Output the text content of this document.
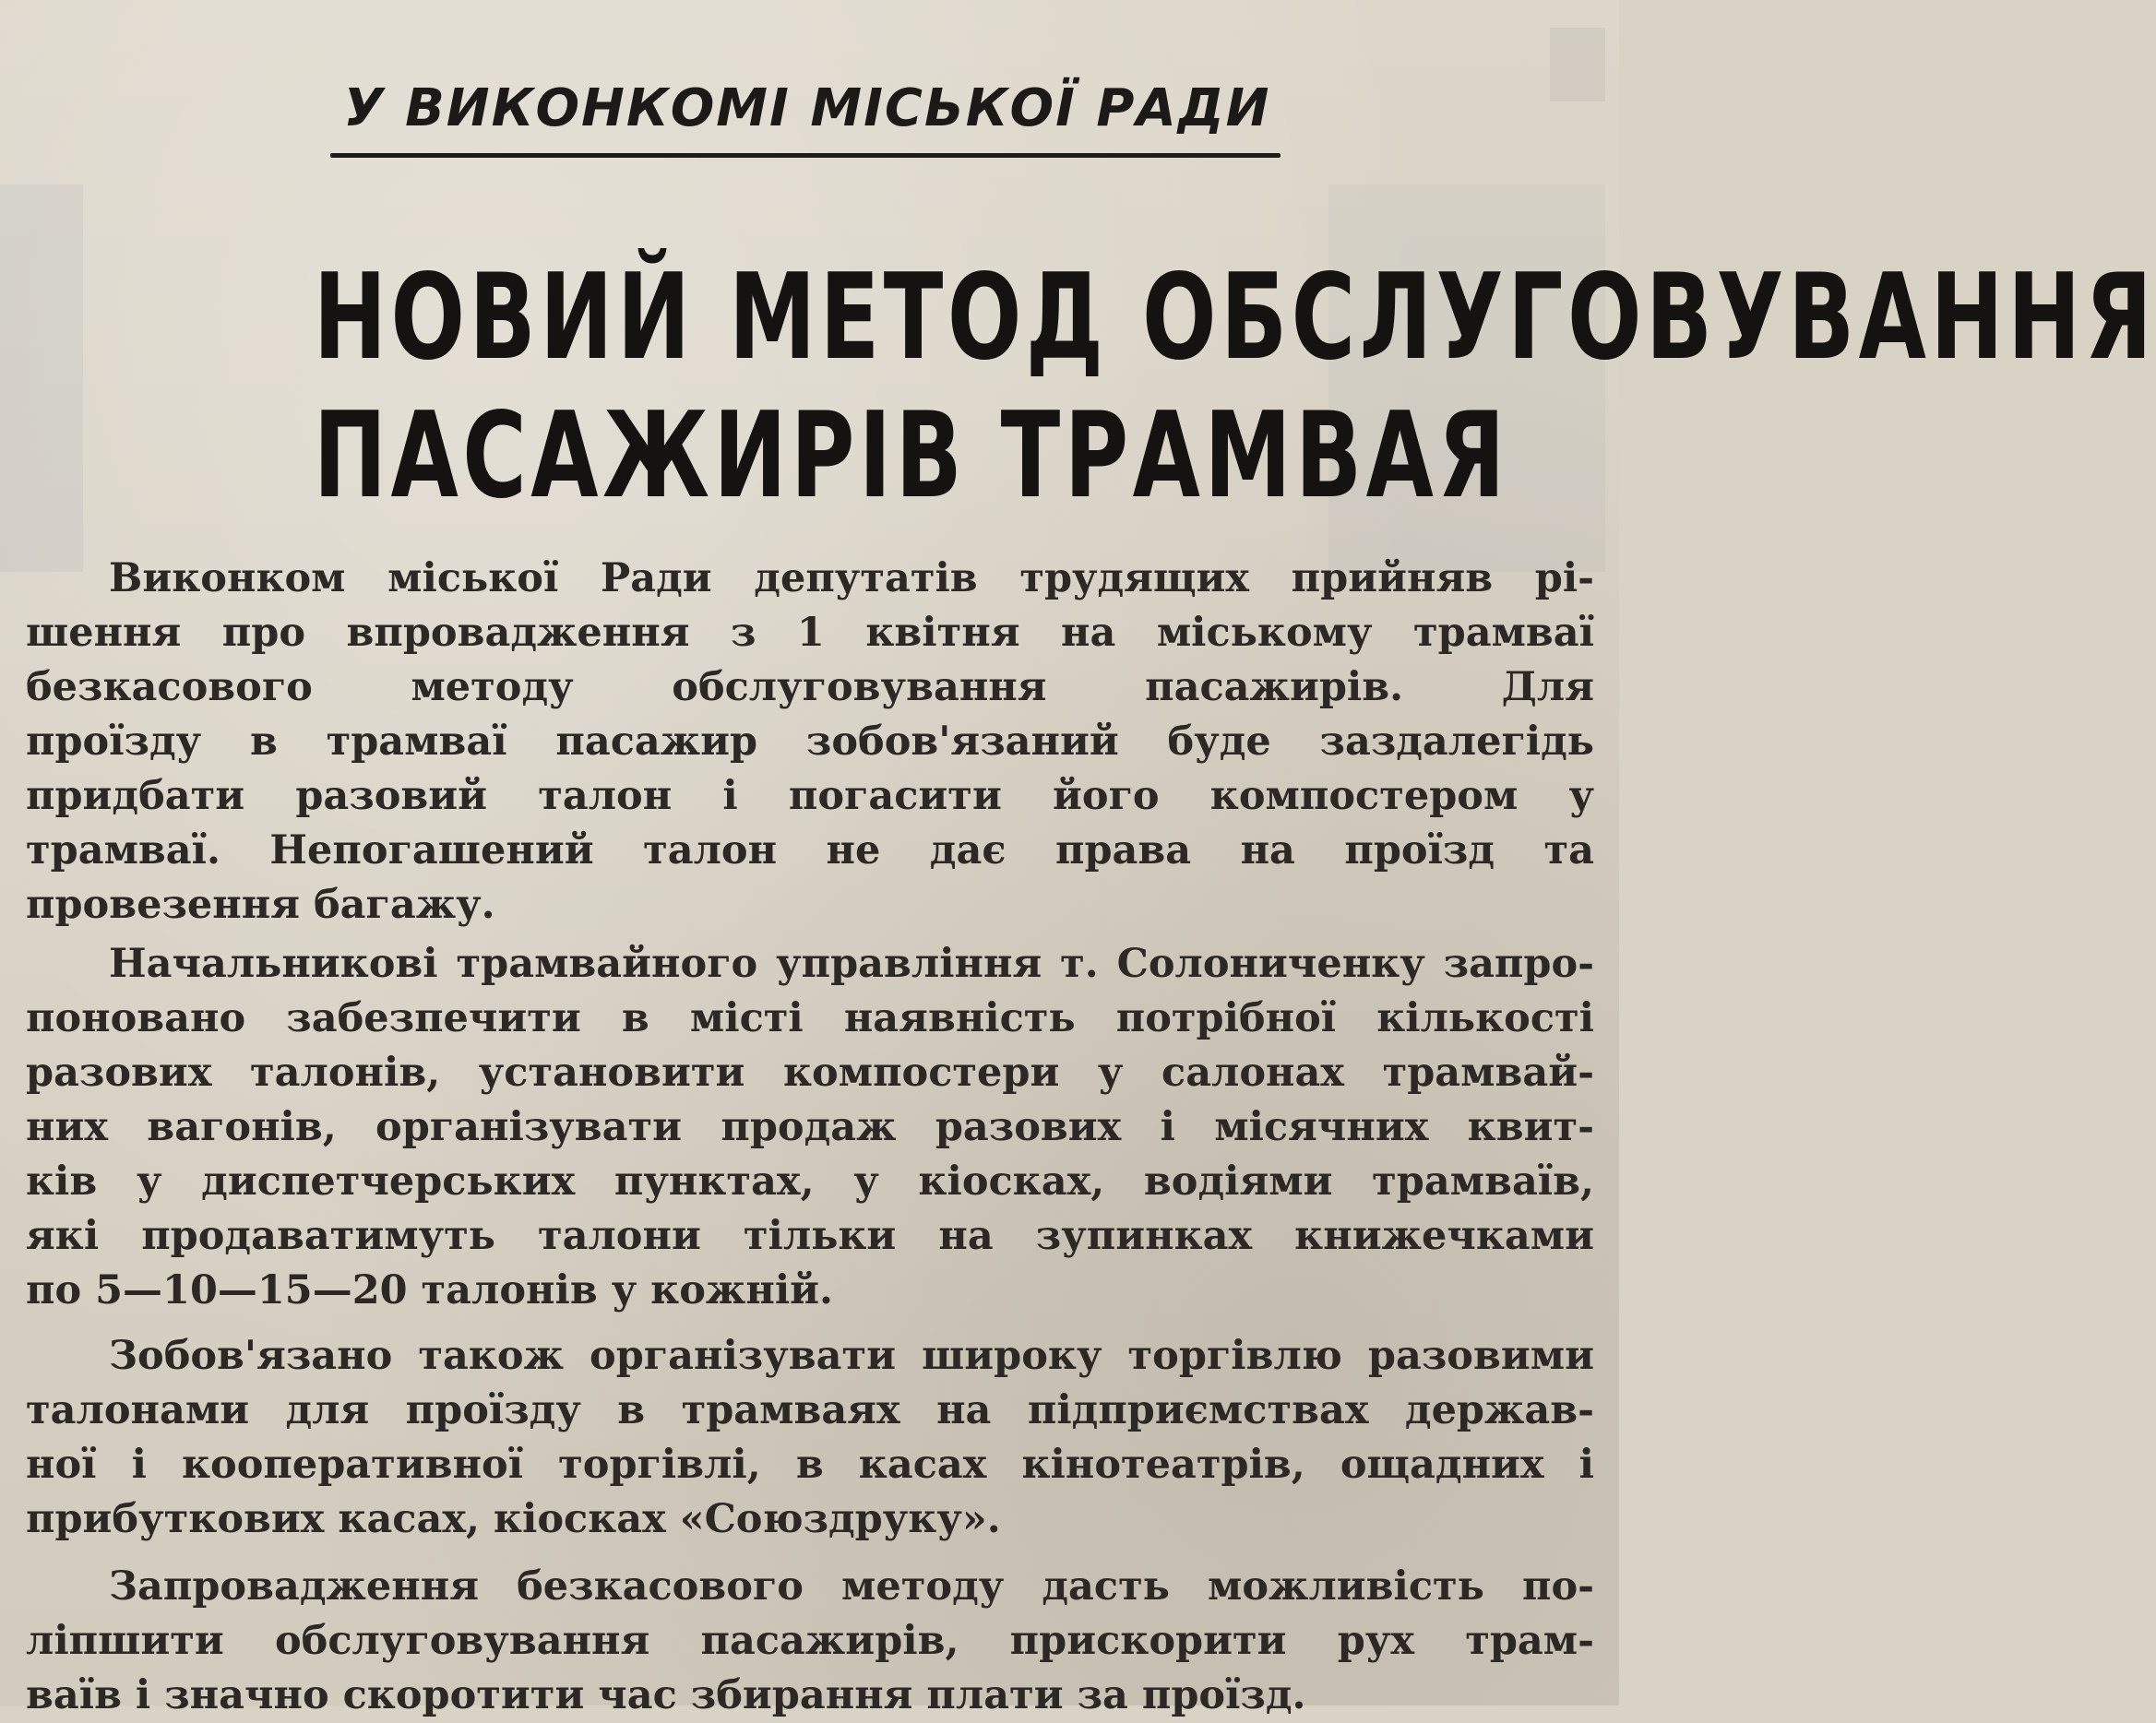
У ВИКОНКОМІ МІСЬКОЇ РАДИ
НОВИЙ МЕТОД ОБСЛУГОВУВАННЯ
ПАСАЖИРІВ ТРАМВАЯ

Виконком міської Ради депутатів трудящих прийняв рі-
шення про впровадження з 1 квітня на міському трамваї
безкасового методу обслуговування пасажирів. Для
проїзду в трамваї пасажир зобов'язаний буде заздалегідь
придбати разовий талон і погасити його компостером у
трамваї. Непогашений талон не дає права на проїзд та
провезення багажу.

Начальникові трамвайного управління т. Солониченку запро-
поновано забезпечити в місті наявність потрібної кількості
разових талонів, установити компостери у салонах трамвай-
них вагонів, організувати продаж разових і місячних квит-
ків у диспетчерських пунктах, у кіосках, водіями трамваїв,
які продаватимуть талони тільки на зупинках книжечками
по 5—10—15—20 талонів у кожній.

Зобов'язано також організувати широку торгівлю разовими
талонами для проїзду в трамваях на підприємствах держав-
ної і кооперативної торгівлі, в касах кінотеатрів, ощадних і
прибуткових касах, кіосках «Союздруку».

Запровадження безкасового методу дасть можливість по-
ліпшити обслуговування пасажирів, прискорити рух трам-
ваїв і значно скоротити час збирання плати за проїзд.
